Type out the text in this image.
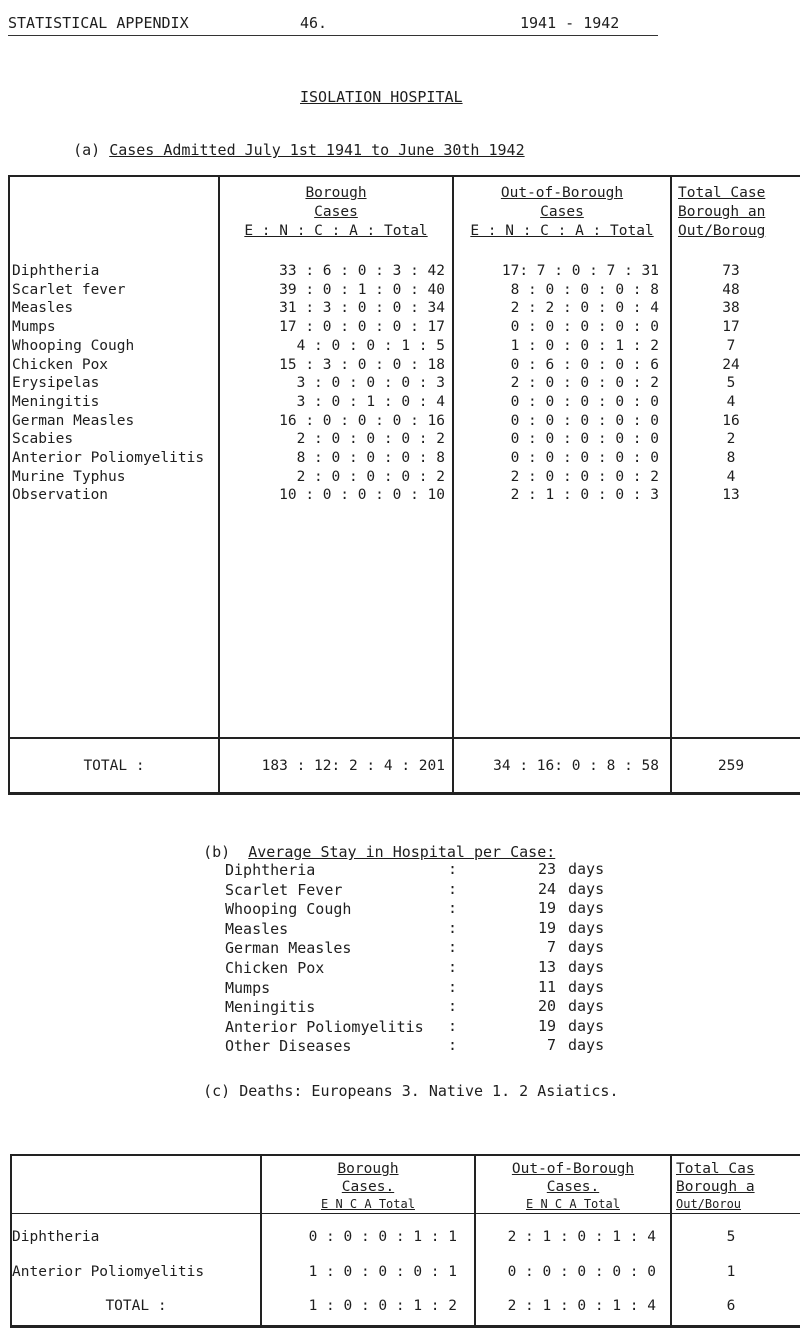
STATISTICAL APPENDIX	46.	1941 - 1942
ISOLATION HOSPITAL

(a) Cases Admitted July 1st 1941 to June 30th 1942

Borough
Cases
E : N : C : A : Total
Out-of-Borough
Cases
E : N : C : A : Total
Total Case
Borough an
Out/Boroug
Diphtheria	33 : 6 : 0 : 3 : 42	17: 7 : 0 : 7 : 31	73
Scarlet fever	39 : 0 : 1 : 0 : 40	8 : 0 : 0 : 0 : 8	48
Measles	31 : 3 : 0 : 0 : 34	2 : 2 : 0 : 0 : 4	38
Mumps	17 : 0 : 0 : 0 : 17	0 : 0 : 0 : 0 : 0	17
Whooping Cough	4 : 0 : 0 : 1 : 5	1 : 0 : 0 : 1 : 2	7
Chicken Pox	15 : 3 : 0 : 0 : 18	0 : 6 : 0 : 0 : 6	24
Erysipelas	3 : 0 : 0 : 0 : 3	2 : 0 : 0 : 0 : 2	5
Meningitis	3 : 0 : 1 : 0 : 4	0 : 0 : 0 : 0 : 0	4
German Measles	16 : 0 : 0 : 0 : 16	0 : 0 : 0 : 0 : 0	16
Scabies	2 : 0 : 0 : 0 : 2	0 : 0 : 0 : 0 : 0	2
Anterior Poliomyelitis	8 : 0 : 0 : 0 : 8	0 : 0 : 0 : 0 : 0	8
Murine Typhus	2 : 0 : 0 : 0 : 2	2 : 0 : 0 : 0 : 2	4
Observation	10 : 0 : 0 : 0 : 10	2 : 1 : 0 : 0 : 3	13
TOTAL :	183 : 12: 2 : 4 : 201	34 : 16: 0 : 8 : 58	259

(b) Average Stay in Hospital per Case:

Diphtheria	:	23 days
Scarlet Fever	:	24 days
Whooping Cough	:	19 days
Measles	:	19 days
German Measles	:	7 days
Chicken Pox	:	13 days
Mumps	:	11 days
Meningitis	:	20 days
Anterior Poliomyelitis :	19 days
Other Diseases	:	7 days

(c) Deaths: Europeans 3. Native 1. 2 Asiatics.

Borough
Cases.
E N C A Total
Out-of-Borough
Cases.
E N C A Total
Total Cas
Borough a
Out/Borou
Diphtheria	0 : 0 : 0 : 1 : 1	2 : 1 : 0 : 1 : 4	5
Anterior Poliomyelitis	1 : 0 : 0 : 0 : 1	0 : 0 : 0 : 0 : 0	1
TOTAL :	1 : 0 : 0 : 1 : 2	2 : 1 : 0 : 1 : 4	6
